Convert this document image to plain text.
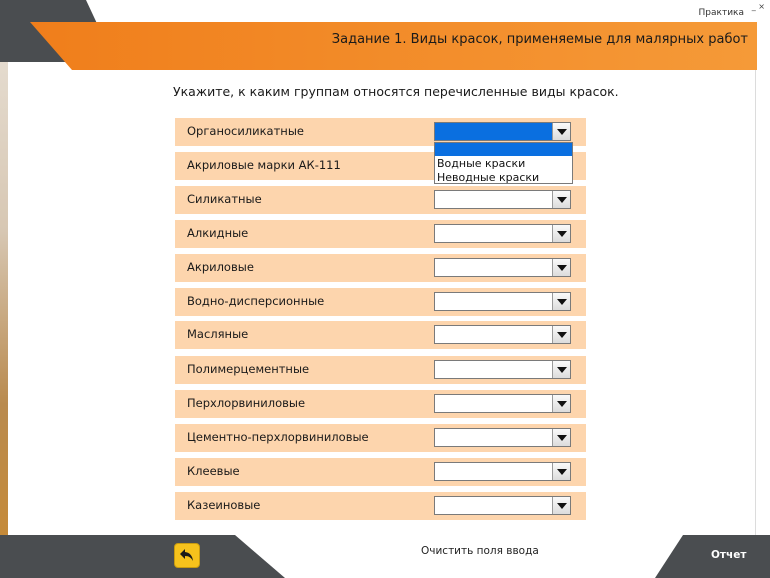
Практика
_ ×
Задание 1. Виды красок, применяемые для малярных работ
Укажите, к каким группам относятся перечисленные виды красок.
Органосиликатные
Акриловые марки АК-111
Силикатные
Алкидные
Акриловые
Водно-дисперсионные
Масляные
Полимерцементные
Перхлорвиниловые
Цементно-перхлорвиниловые
Клеевые
Казеиновые
Водные краски
Неводные краски
Очистить поля ввода	Отчет
